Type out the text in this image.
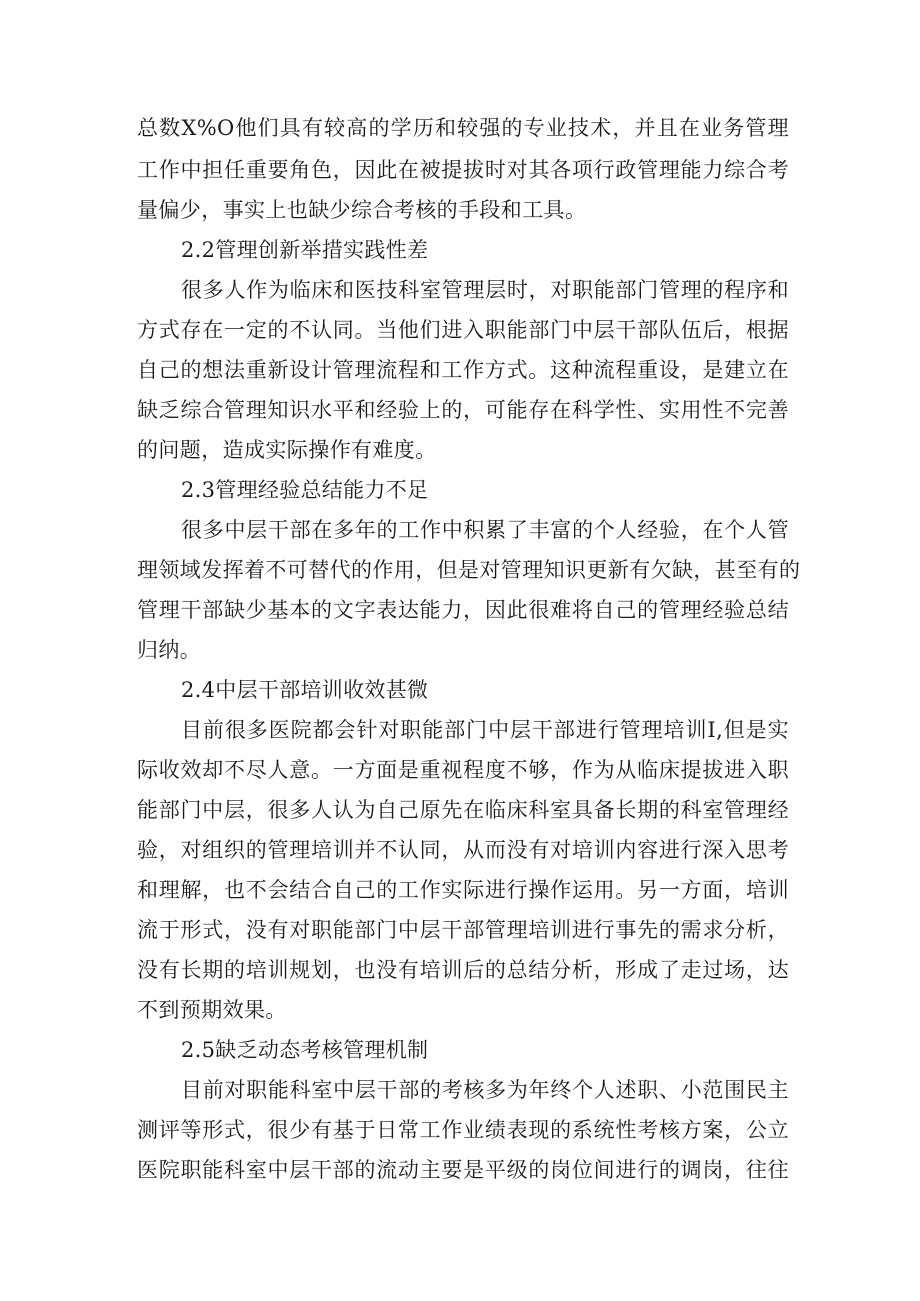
总数X%O他们具有较高的学历和较强的专业技术，并且在业务管理
工作中担任重要角色，因此在被提拔时对其各项行政管理能力综合考
量偏少，事实上也缺少综合考核的手段和工具。
2.2管理创新举措实践性差
很多人作为临床和医技科室管理层时，对职能部门管理的程序和
方式存在一定的不认同。当他们进入职能部门中层干部队伍后，根据
自己的想法重新设计管理流程和工作方式。这种流程重设，是建立在
缺乏综合管理知识水平和经验上的，可能存在科学性、实用性不完善
的问题，造成实际操作有难度。
2.3管理经验总结能力不足
很多中层干部在多年的工作中积累了丰富的个人经验，在个人管
理领域发挥着不可替代的作用，但是对管理知识更新有欠缺，甚至有的
管理干部缺少基本的文字表达能力，因此很难将自己的管理经验总结
归纳。
2.4中层干部培训收效甚微
目前很多医院都会针对职能部门中层干部进行管理培训I,但是实
际收效却不尽人意。一方面是重视程度不够，作为从临床提拔进入职
能部门中层，很多人认为自己原先在临床科室具备长期的科室管理经
验，对组织的管理培训并不认同，从而没有对培训内容进行深入思考
和理解，也不会结合自己的工作实际进行操作运用。另一方面，培训
流于形式，没有对职能部门中层干部管理培训进行事先的需求分析，
没有长期的培训规划，也没有培训后的总结分析，形成了走过场，达
不到预期效果。
2.5缺乏动态考核管理机制
目前对职能科室中层干部的考核多为年终个人述职、小范围民主
测评等形式，很少有基于日常工作业绩表现的系统性考核方案，公立
医院职能科室中层干部的流动主要是平级的岗位间进行的调岗，往往
